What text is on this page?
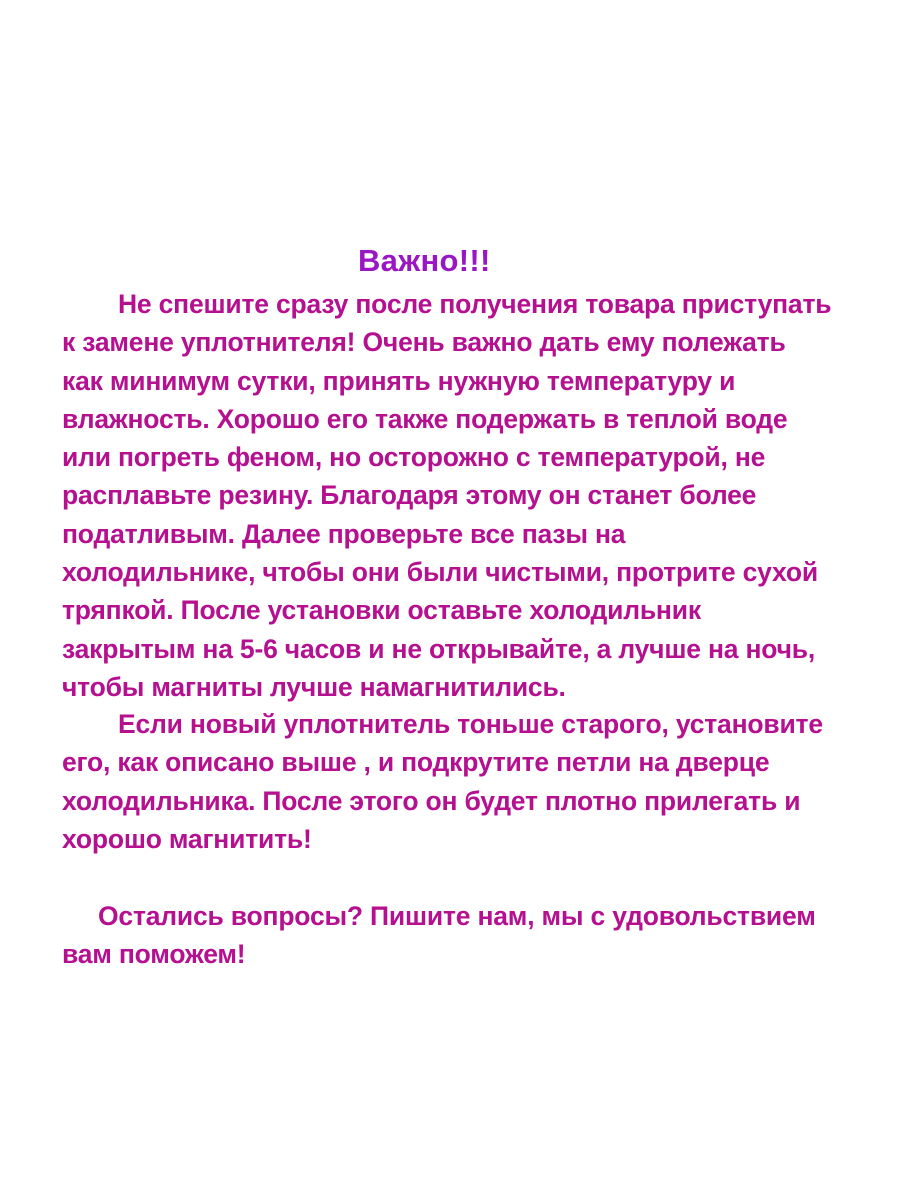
Важно!!!
Не спешите сразу после получения товара приступать
к замене уплотнителя! Очень важно дать ему полежать
как минимум сутки, принять нужную температуру и
влажность. Хорошо его также подержать в теплой воде
или погреть феном, но осторожно с температурой, не
расплавьте резину. Благодаря этому он станет более
податливым. Далее проверьте все пазы на
холодильнике, чтобы они были чистыми, протрите сухой
тряпкой. После установки оставьте холодильник
закрытым на 5-6 часов и не открывайте, а лучше на ночь,
чтобы магниты лучше намагнитились.
Если новый уплотнитель тоньше старого, установите
его, как описано выше , и подкрутите петли на дверце
холодильника. После этого он будет плотно прилегать и
хорошо магнитить!
Остались вопросы? Пишите нам, мы с удовольствием
вам поможем!
